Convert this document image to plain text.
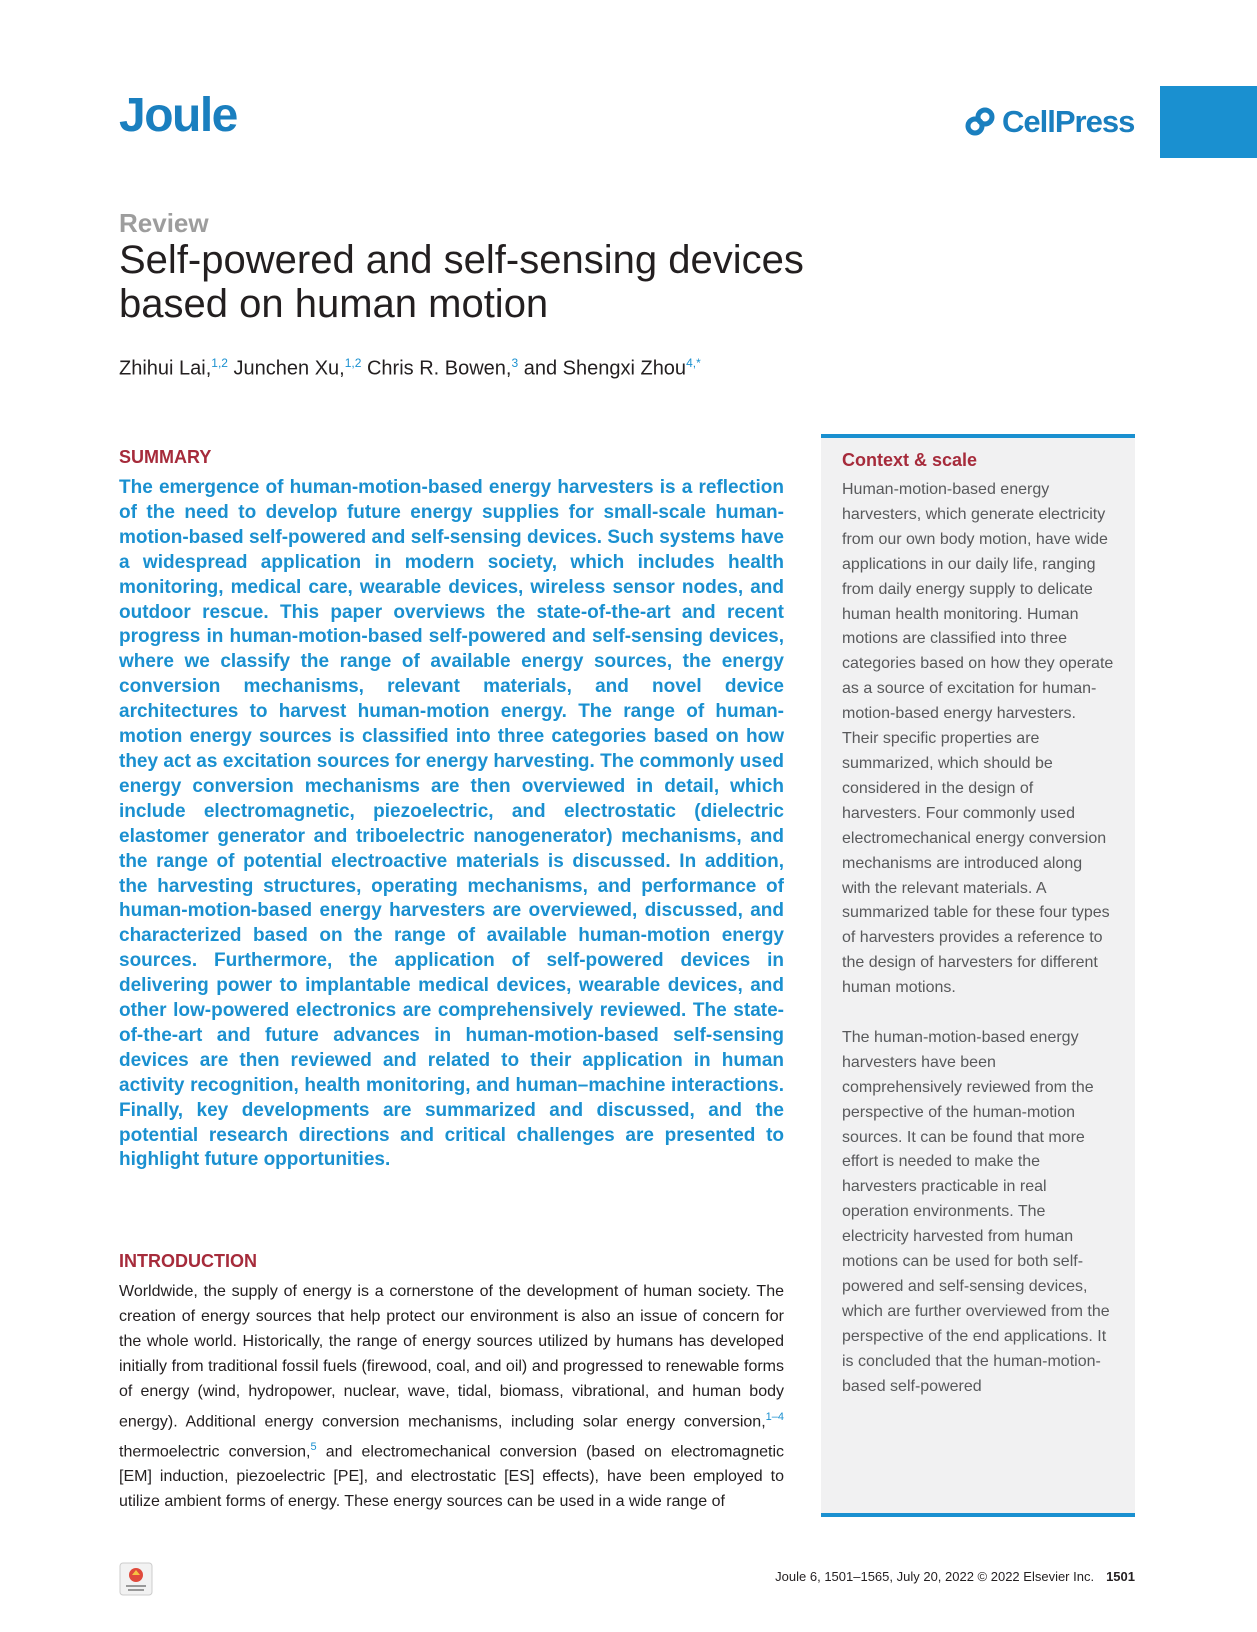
Joule	CellPress
Review
Self-powered and self-sensing devices based on human motion
Zhihui Lai,$^{1,2}$ Junchen Xu,$^{1,2}$ Chris R. Bowen,$^3$ and Shengxi Zhou$^{4,*}$
SUMMARY
The emergence of human-motion-based energy harvesters is a reflection of the need to develop future energy supplies for small-scale human-motion-based self-powered and self-sensing devices. Such systems have a widespread application in modern society, which includes health monitoring, medical care, wearable devices, wireless sensor nodes, and outdoor rescue. This paper overviews the state-of-the-art and recent progress in human-motion-based self-powered and self-sensing devices, where we classify the range of available energy sources, the energy conversion mechanisms, relevant materials, and novel device architectures to harvest human-motion energy. The range of human-motion energy sources is classified into three categories based on how they act as excitation sources for energy harvesting. The commonly used energy conversion mechanisms are then overviewed in detail, which include electromagnetic, piezoelectric, and electrostatic (dielectric elastomer generator and triboelectric nanogenerator) mechanisms, and the range of potential electroactive materials is discussed. In addition, the harvesting structures, operating mechanisms, and performance of human-motion-based energy harvesters are overviewed, discussed, and characterized based on the range of available human-motion energy sources. Furthermore, the application of self-powered devices in delivering power to implantable medical devices, wearable devices, and other low-powered electronics are comprehensively reviewed. The state-of-the-art and future advances in human-motion-based self-sensing devices are then reviewed and related to their application in human activity recognition, health monitoring, and human–machine interactions. Finally, key developments are summarized and discussed, and the potential research directions and critical challenges are presented to highlight future opportunities.
INTRODUCTION
Worldwide, the supply of energy is a cornerstone of the development of human society. The creation of energy sources that help protect our environment is also an issue of concern for the whole world. Historically, the range of energy sources utilized by humans has developed initially from traditional fossil fuels (firewood, coal, and oil) and progressed to renewable forms of energy (wind, hydropower, nuclear, wave, tidal, biomass, vibrational, and human body energy). Additional energy conversion mechanisms, including solar energy conversion,$^{1-4}$ thermoelectric conversion,$^5$ and electromechanical conversion (based on electromagnetic [EM] induction, piezoelectric [PE], and electrostatic [ES] effects), have been employed to utilize ambient forms of energy. These energy sources can be used in a wide range of
Context & scale

Human-motion-based energy harvesters, which generate electricity from our own body motion, have wide applications in our daily life, ranging from daily energy supply to delicate human health monitoring. Human motions are classified into three categories based on how they operate as a source of excitation for human-motion-based energy harvesters. Their specific properties are summarized, which should be considered in the design of harvesters. Four commonly used electromechanical energy conversion mechanisms are introduced along with the relevant materials. A summarized table for these four types of harvesters provides a reference to the design of harvesters for different human motions.

The human-motion-based energy harvesters have been comprehensively reviewed from the perspective of the human-motion sources. It can be found that more effort is needed to make the harvesters practicable in real operation environments. The electricity harvested from human motions can be used for both self-powered and self-sensing devices, which are further overviewed from the perspective of the end applications. It is concluded that the human-motion-based self-powered

Joule 6, 1501–1565, July 20, 2022 © 2022 Elsevier Inc. 1501
